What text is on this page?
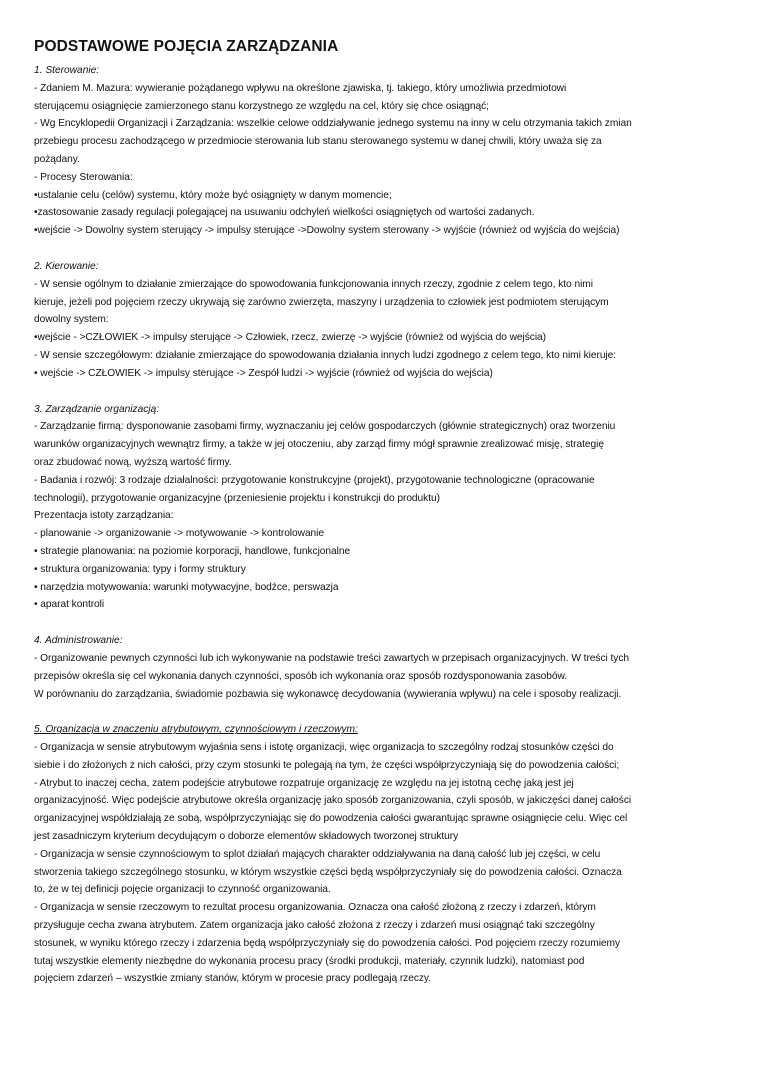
PODSTAWOWE POJĘCIA ZARZĄDZANIA
1. Sterowanie:
- Zdaniem M. Mazura: wywieranie pożądanego wpływu na określone zjawiska, tj. takiego, który umożliwia przedmiotowi
sterującemu osiągnięcie zamierzonego stanu korzystnego ze względu na cel, który się chce osiągnąć;
- Wg Encyklopedii Organizacji i Zarządzania: wszelkie celowe oddziaływanie jednego systemu na inny w celu otrzymania takich zmian
przebiegu procesu zachodzącego w przedmiocie sterowania lub stanu sterowanego systemu w danej chwili, który uważa się za
pożądany.
- Procesy Sterowania:
•ustalanie celu (celów) systemu, który może być osiągnięty w danym momencie;
•zastosowanie zasady regulacji polegającej na usuwaniu odchyleń wielkości osiągniętych od wartości zadanych.
•wejście -> Dowolny system sterujący -> impulsy sterujące ->Dowolny system sterowany -> wyjście (również od wyjścia do wejścia)
2. Kierowanie:
- W sensie ogólnym to działanie zmierzające do spowodowania funkcjonowania innych rzeczy, zgodnie z celem tego, kto nimi
kieruje, jeżeli pod pojęciem rzeczy ukrywają się zarówno zwierzęta, maszyny i urządzenia to człowiek jest podmiotem sterującym
dowolny system:
•wejście - >CZŁOWIEK -> impulsy sterujące -> Człowiek, rzecz, zwierzę -> wyjście (również od wyjścia do wejścia)
- W sensie szczegółowym: działanie zmierzające do spowodowania działania innych ludzi zgodnego z celem tego, kto nimi kieruje:
• wejście -> CZŁOWIEK -> impulsy sterujące -> Zespół ludzi -> wyjście (również od wyjścia do wejścia)
3. Zarządzanie organizacją:
- Zarządzanie firmą: dysponowanie zasobami firmy, wyznaczaniu jej celów gospodarczych (głównie strategicznych) oraz tworzeniu
warunków organizacyjnych wewnątrz firmy, a także w jej otoczeniu, aby zarząd firmy mógł sprawnie zrealizować misję, strategię
oraz zbudować nową, wyższą wartość firmy.
- Badania i rozwój: 3 rodzaje działalności: przygotowanie konstrukcyjne (projekt), przygotowanie technologiczne (opracowanie
technologii), przygotowanie organizacyjne (przeniesienie projektu i konstrukcji do produktu)
Prezentacja istoty zarządzania:
- planowanie -> organizowanie -> motywowanie -> kontrolowanie
• strategie planowania: na poziomie korporacji, handlowe, funkcjonalne
• struktura organizowania: typy i formy struktury
• narzędzia motywowania: warunki motywacyjne, bodźce, perswazja
• aparat kontroli
4. Administrowanie:
- Organizowanie pewnych czynności lub ich wykonywanie na podstawie treści zawartych w przepisach organizacyjnych. W treści tych
przepisów określa się cel wykonania danych czynności, sposób ich wykonania oraz sposób rozdysponowania zasobów.
W porównaniu do zarządzania, świadomie pozbawia się wykonawcę decydowania (wywierania wpływu) na cele i sposoby realizacji.
5. Organizacja w znaczeniu atrybutowym, czynnościowym i rzeczowym:
- Organizacja w sensie atrybutowym wyjaśnia sens i istotę organizacji, więc organizacja to szczególny rodzaj stosunków części do
siebie i do złożonych z nich całości, przy czym stosunki te polegają na tym, że części współprzyczyniają się do powodzenia całości;
- Atrybut to inaczej cecha, zatem podejście atrybutowe rozpatruje organizację ze względu na jej istotną cechę jaką jest jej
organizacyjność. Więc podejście atrybutowe określa organizację jako sposób zorganizowania, czyli sposób, w jakiczęści danej całości
organizacyjnej współdziałają ze sobą, współprzyczyniając się do powodzenia całości gwarantując sprawne osiągnięcie celu. Więc cel
jest zasadniczym kryterium decydującym o doborze elementów składowych tworzonej struktury
- Organizacja w sensie czynnościowym to splot działań mających charakter oddziaływania na daną całość lub jej części, w celu
stworzenia takiego szczególnego stosunku, w którym wszystkie części będą współprzyczyniały się do powodzenia całości. Oznacza
to, że w tej definicji pojęcie organizacji to czynność organizowania.
- Organizacja w sensie rzeczowym to rezultat procesu organizowania. Oznacza ona całość złożoną z rzeczy i zdarzeń, którym
przysługuje cecha zwana atrybutem. Zatem organizacja jako całość złożona z rzeczy i zdarzeń musi osiągnąć taki szczególny
stosunek, w wyniku którego rzeczy i zdarzenia będą współprzyczyniały się do powodzenia całości. Pod pojęciem rzeczy rozumiemy
tutaj wszystkie elementy niezbędne do wykonania procesu pracy (środki produkcji, materiały, czynnik ludzki), natomiast pod
pojęciem zdarzeń – wszystkie zmiany stanów, którym w procesie pracy podlegają rzeczy.
